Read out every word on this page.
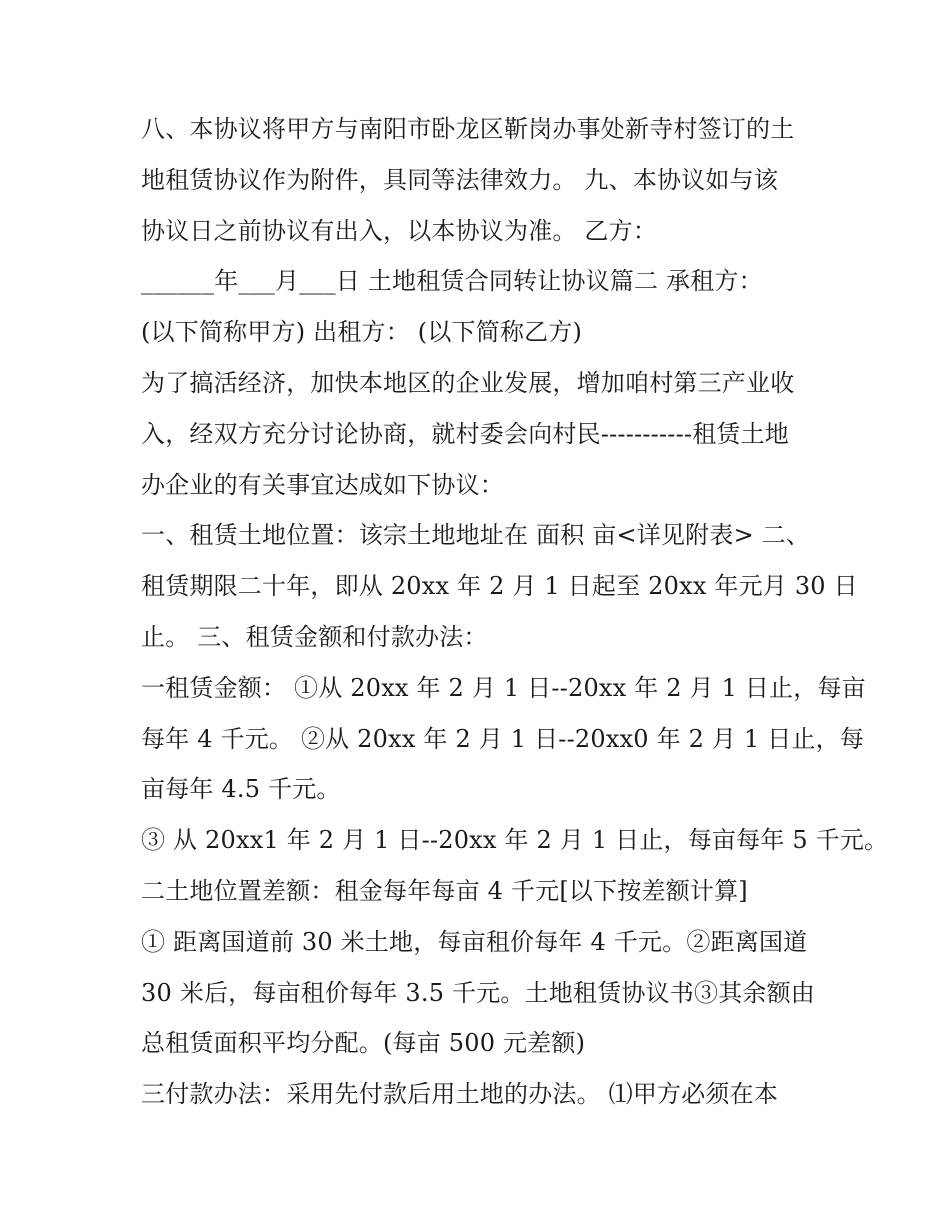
八、本协议将甲方与南阳市卧龙区靳岗办事处新寺村签订的土
地租赁协议作为附件，具同等法律效力。 九、本协议如与该
协议日之前协议有出入，以本协议为准。 乙方：
______年___月___日 土地租赁合同转让协议篇二 承租方：
(以下简称甲方) 出租方： (以下简称乙方)
为了搞活经济，加快本地区的企业发展，增加咱村第三产业收
入，经双方充分讨论协商，就村委会向村民-----------租赁土地
办企业的有关事宜达成如下协议：
一、租赁土地位置：该宗土地地址在 面积 亩<详见附表> 二、
租赁期限二十年，即从 20xx 年 2 月 1 日起至 20xx 年元月 30 日
止。 三、租赁金额和付款办法：
一租赁金额： ①从 20xx 年 2 月 1 日--20xx 年 2 月 1 日止，每亩
每年 4 千元。 ②从 20xx 年 2 月 1 日--20xx0 年 2 月 1 日止，每
亩每年 4.5 千元。
③ 从 20xx1 年 2 月 1 日--20xx 年 2 月 1 日止，每亩每年 5 千元。
二土地位置差额：租金每年每亩 4 千元[以下按差额计算]
① 距离国道前 30 米土地，每亩租价每年 4 千元。②距离国道
30 米后，每亩租价每年 3.5 千元。土地租赁协议书③其余额由
总租赁面积平均分配。(每亩 500 元差额)
三付款办法：采用先付款后用土地的办法。 ⑴甲方必须在本
